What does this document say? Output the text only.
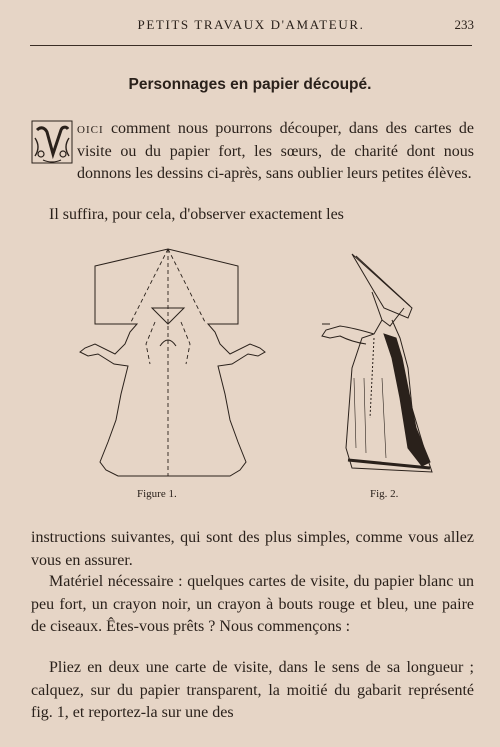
PETITS TRAVAUX D'AMATEUR.	233
Personnages en papier découpé.

oici comment nous pourrons découper, dans des cartes de visite ou du papier fort, les sœurs, de charité dont nous donnons les dessins ci-après, sans oublier leurs petites élèves.

Il suffira, pour cela, d'observer exactement les

Figure 1.	Fig. 2.

instructions suivantes, qui sont des plus simples, comme vous allez vous en assurer.

Matériel nécessaire : quelques cartes de visite, du papier blanc un peu fort, un crayon noir, un crayon à bouts rouge et bleu, une paire de ciseaux. Êtes-vous prêts ? Nous commençons :

Pliez en deux une carte de visite, dans le sens de sa longueur ; calquez, sur du papier transparent, la moitié du gabarit représenté fig. 1, et reportez-la sur une des
